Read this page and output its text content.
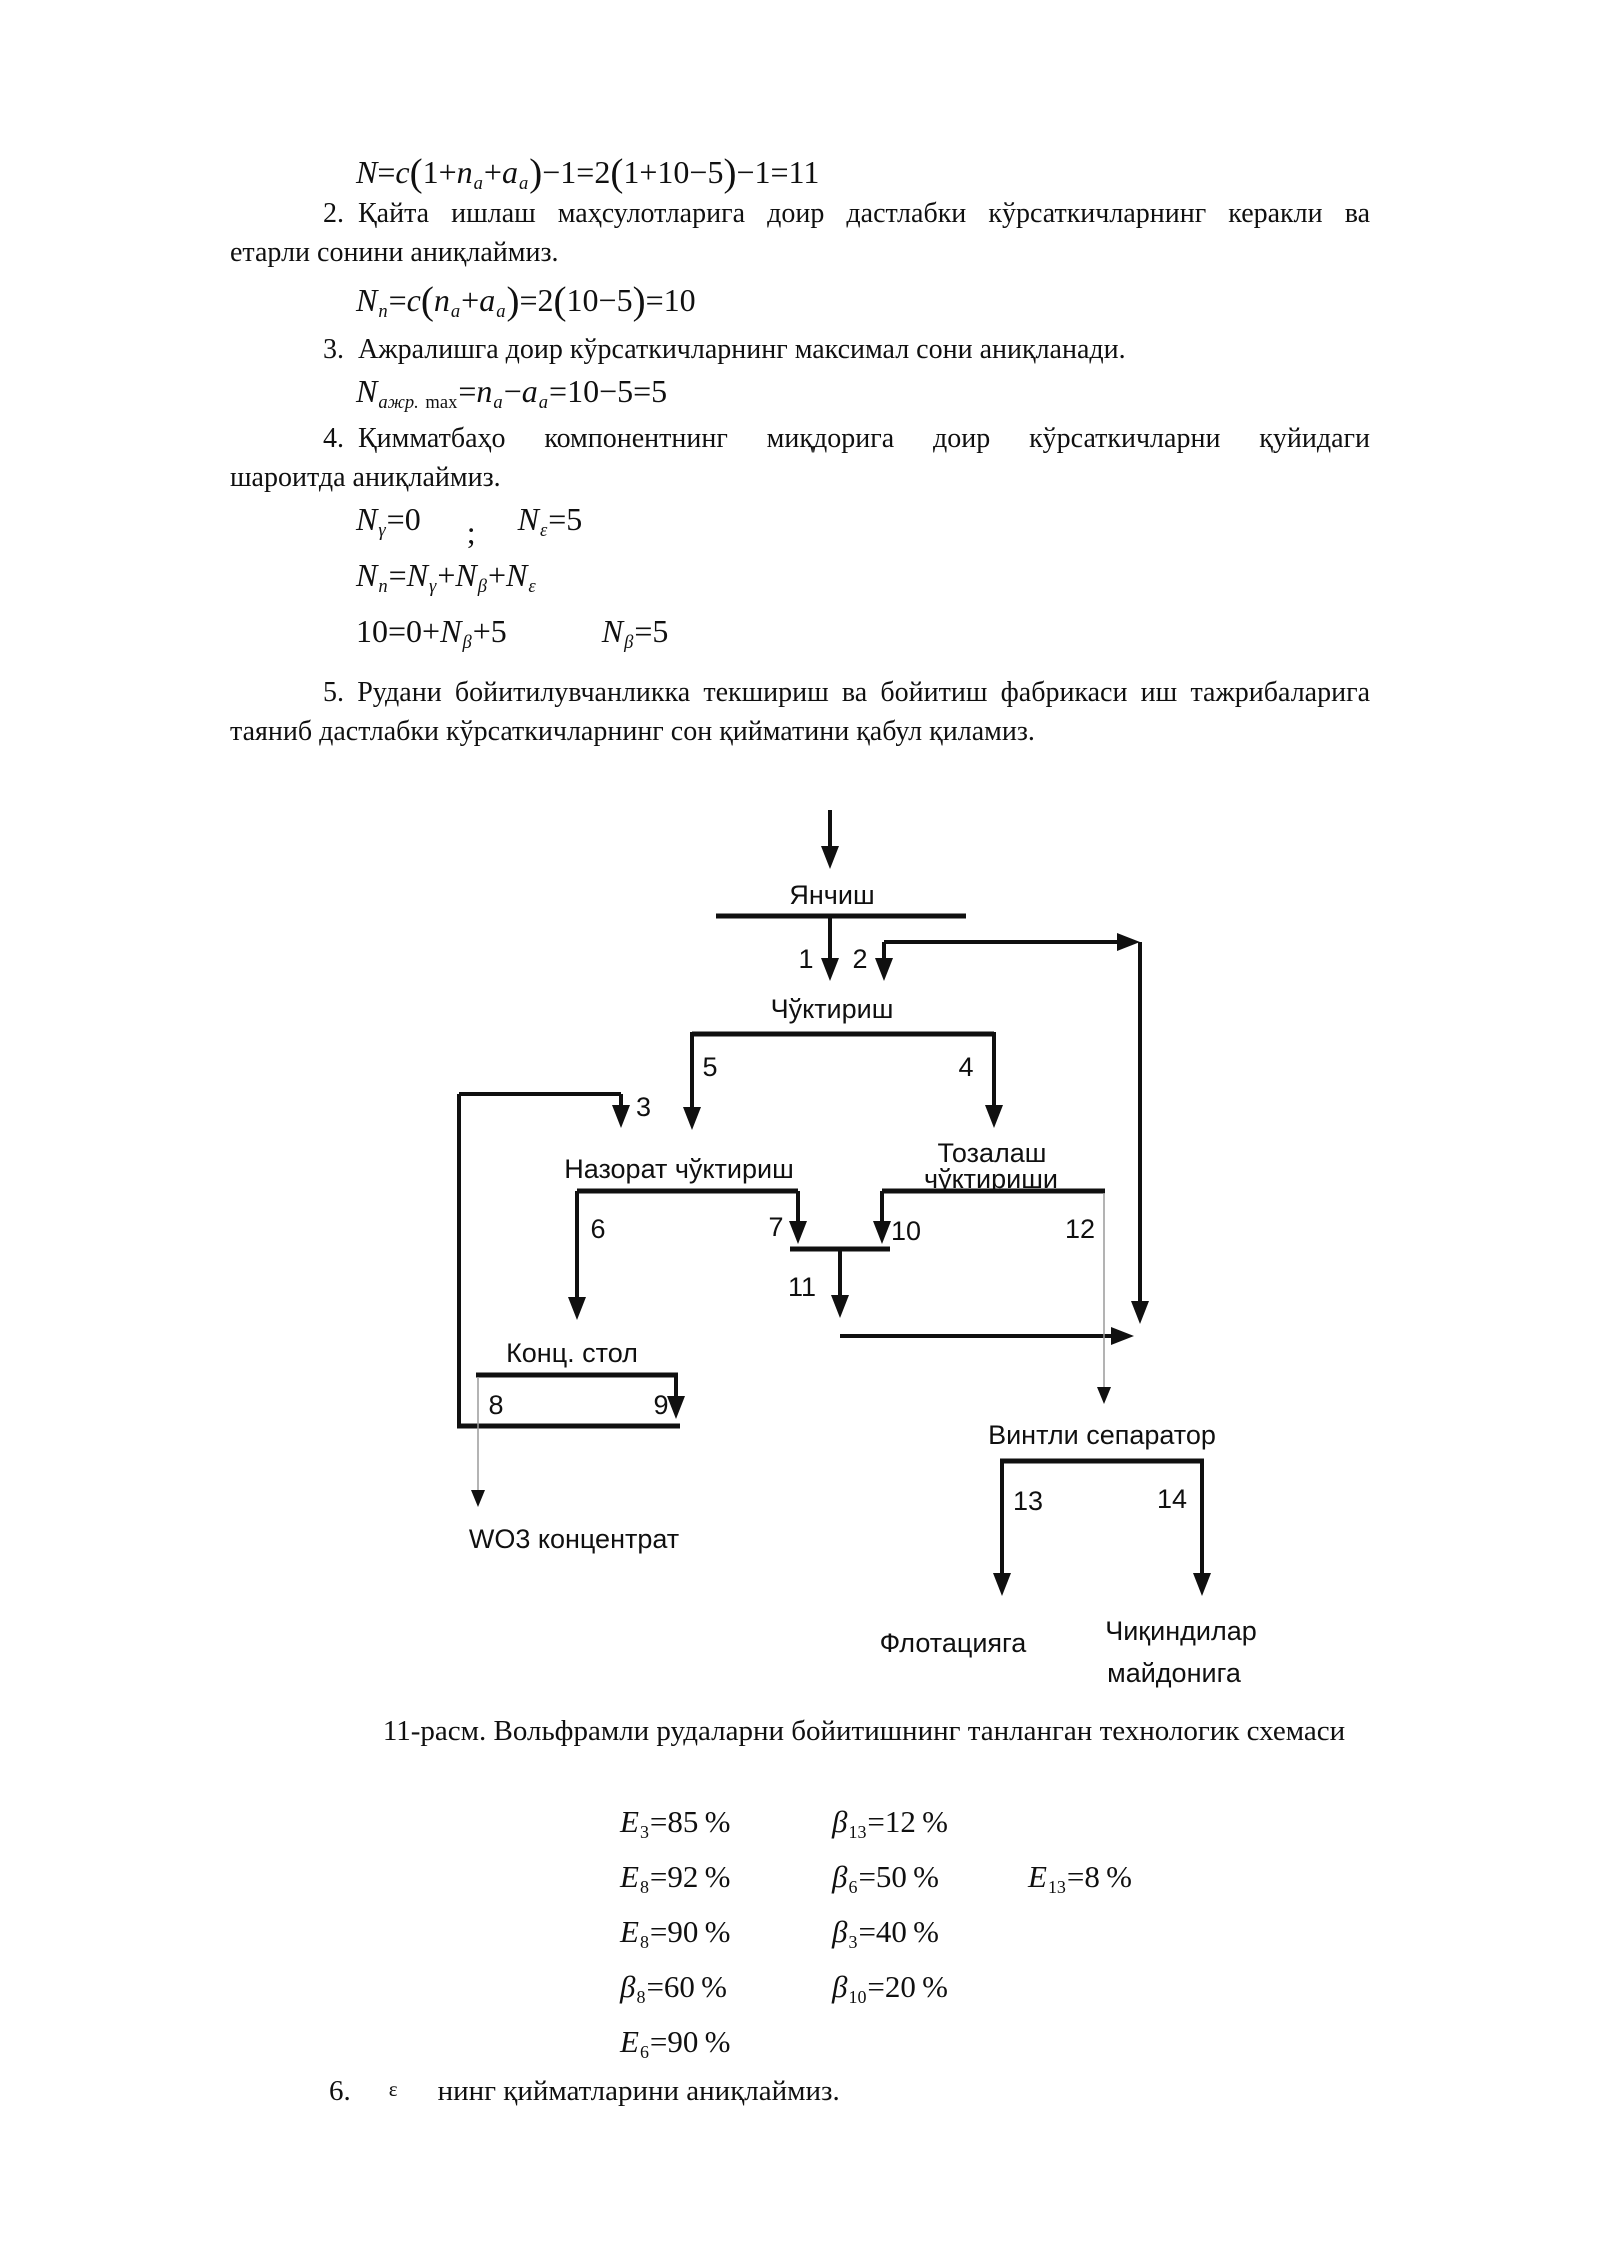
$N=c(1+n_a+a_a)-1=2(1+10-5)-1=11$
2. Қайта ишлаш маҳсулотларига доир дастлабки кўрсаткичларнинг керакли ва
етарли сонини аниқлаймиз.
$N_n=c(n_a+a_a)=2(10-5)=10$
3. Ажралишга доир кўрсаткичларнинг максимал сони аниқланади.
$N_{ажр.}$ $_{max}=n_a-a_a=10-5=5$
4. Қимматбаҳо компонентнинг миқдорига доир кўрсаткичларни қуйидаги
шароитда аниқлаймиз.
$N_\gamma=0$ ; $N_\varepsilon=5$
$N_n=N_\gamma+N_\beta+N_\varepsilon$
$10=0+N_\beta+5$	$N_\beta=5$
5. Рудани бойитилувчанликка текшириш ва бойитиш фабрикаси иш тажрибаларига
таяниб дастлабки кўрсаткичларнинг сон қийматини қабул қиламиз.
Янчиш
Чўктириш
Назорат чўктириш
Тозалаш
чўктириши
Конц. стол
Винтли сепаратор
WO3 концентрат
Флотацияга	Чиқиндилар
майдонига
1 2
3
4
5
6	7
8	9
10
11
12
13	14
11-расм. Вольфрамли рудаларни бойитишнинг танланган технологик схемаси
$E_3=85$ %	$\beta_{13}=12$ %
$E_8=92$ %	$\beta_6=50$ %	$E_{13}=8$ %
$E_8=90$ %	$\beta_3=40$ %
$\beta_8=60$ %	$\beta_{10}=20$ %
$E_6=90$ %
6. ε нинг қийматларини аниқлаймиз.
